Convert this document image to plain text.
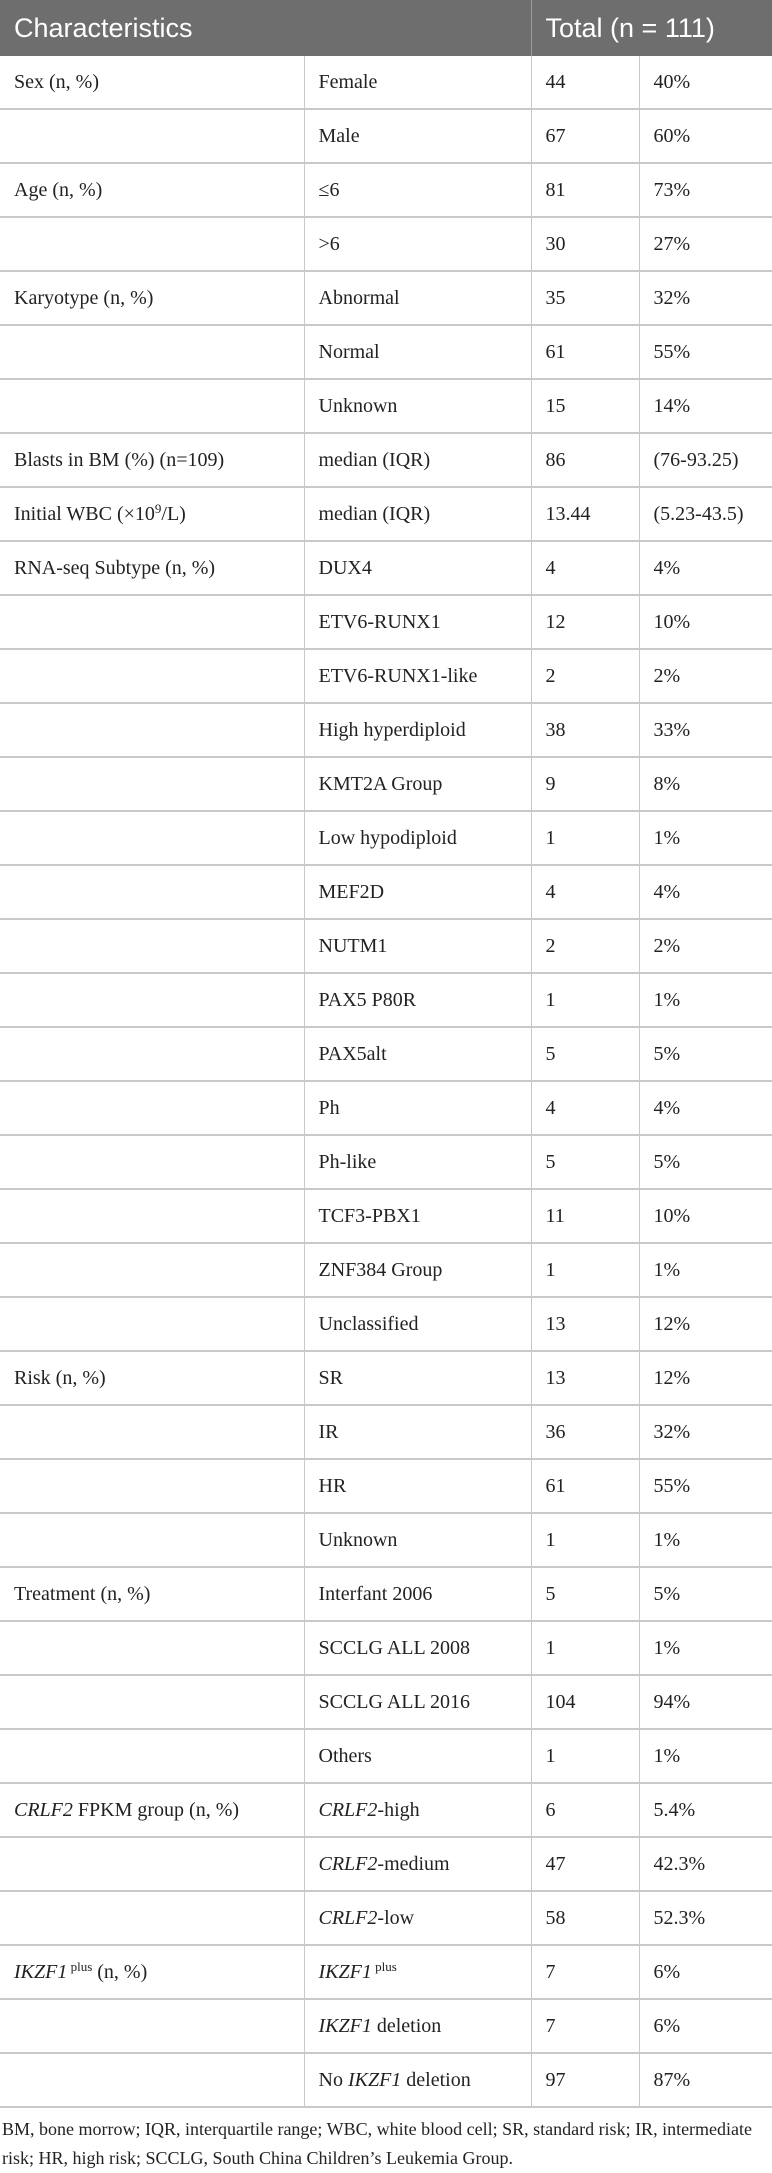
Characteristics		Total (n = 111)	
Sex (n, %)	Female	44	40%
	Male	67	60%
Age (n, %)	≤6	81	73%
	>6	30	27%
Karyotype (n, %)	Abnormal	35	32%
	Normal	61	55%
	Unknown	15	14%
Blasts in BM (%) (n=109)	median (IQR)	86	(76-93.25)
Initial WBC $(\times 10^9/L)$	median (IQR)	13.44	(5.23-43.5)
RNA-seq Subtype (n, %)	DUX4	4	4%
	ETV6-RUNX1	12	10%
	ETV6-RUNX1-like	2	2%
	High hyperdiploid	38	33%
	KMT2A Group	9	8%
	Low hypodiploid	1	1%
	MEF2D	4	4%
	NUTM1	2	2%
	PAX5 P80R	1	1%
	PAX5alt	5	5%
	Ph	4	4%
	Ph-like	5	5%
	TCF3-PBX1	11	10%
	ZNF384 Group	1	1%
	Unclassified	13	12%
Risk (n, %)	SR	13	12%
	IR	36	32%
	HR	61	55%
	Unknown	1	1%
Treatment (n, %)	Interfant 2006	5	5%
	SCCLG ALL 2008	1	1%
	SCCLG ALL 2016	104	94%
	Others	1	1%
CRLF2 FPKM group (n, %)	CRLF2-high	6	5.4%
	CRLF2-medium	47	42.3%
	CRLF2-low	58	52.3%
IKZF1 $^{plus}$ (n, %)	IKZF1 $^{plus}$	7	6%
	IKZF1 deletion	7	6%
	No IKZF1 deletion	97	87%

BM, bone morrow; IQR, interquartile range; WBC, white blood cell; SR, standard risk; IR, intermediate risk; HR, high risk; SCCLG, South China Children’s Leukemia Group.
